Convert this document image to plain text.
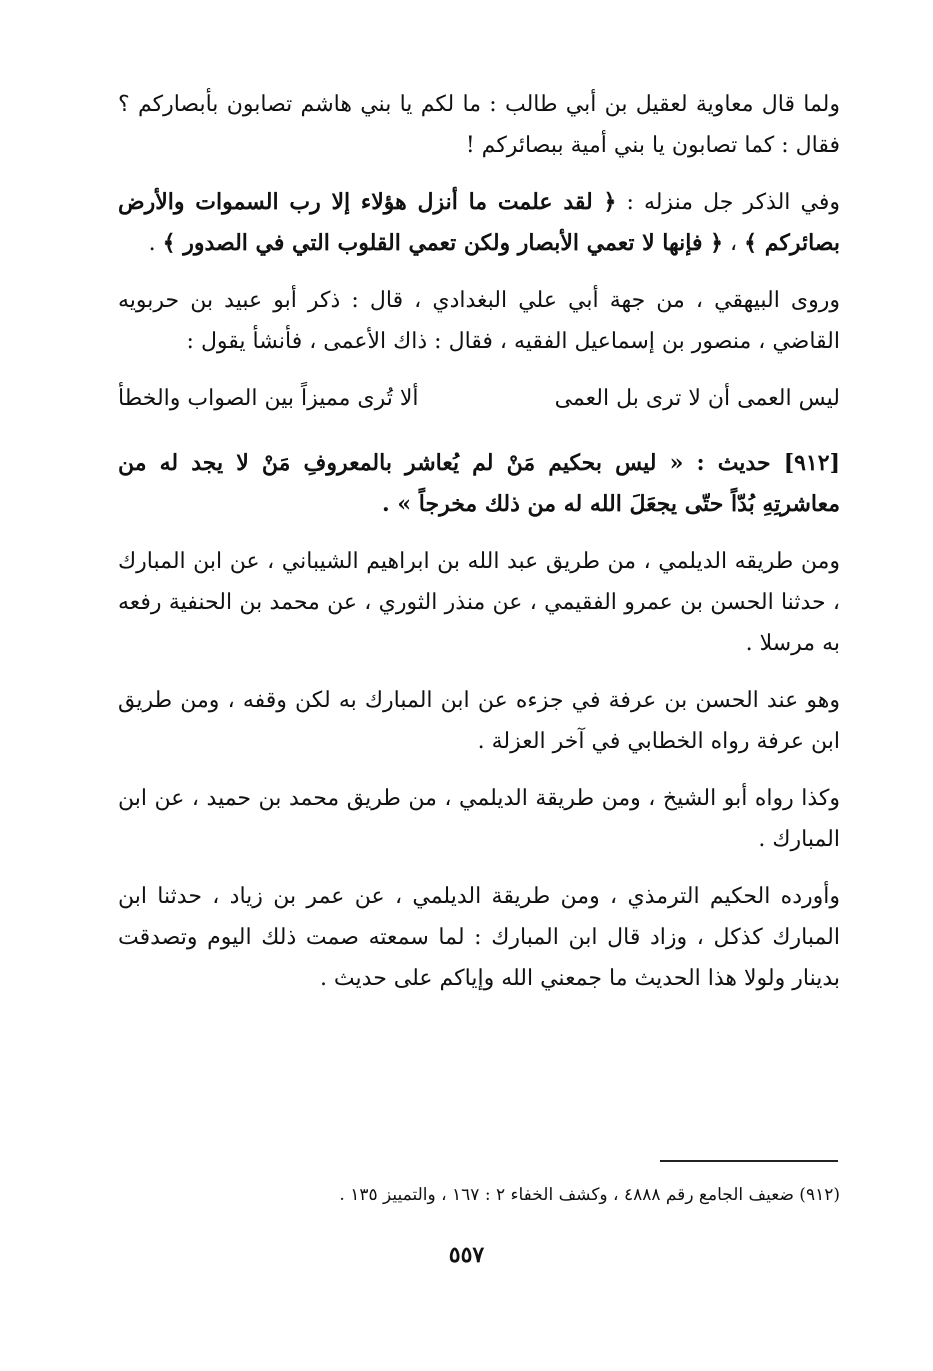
ولما قال معاوية لعقيل بن أبي طالب : ما لكم يا بني هاشم تصابون بأبصاركم ؟ فقال : كما تصابون يا بني أمية ببصائركم !

وفي الذكر جل منزله : ﴿ لقد علمت ما أنزل هؤلاء إلا رب السموات والأرض بصائركم ﴾ ، ﴿ فإنها لا تعمي الأبصار ولكن تعمي القلوب التي في الصدور ﴾ .

وروى البيهقي ، من جهة أبي علي البغدادي ، قال : ذكر أبو عبيد بن حربويه القاضي ، منصور بن إسماعيل الفقيه ، فقال : ذاك الأعمى ، فأنشأ يقول :

ليس العمى أن لا ترى بل العمى
ألا تُرى مميزاً بين الصواب والخطأ

[٩١٢] حديث : « ليس بحكيم مَنْ لم يُعاشر بالمعروفِ مَنْ لا يجد له من معاشرتِهِ بُدّاً حتّى يجعَلَ الله له من ذلك مخرجاً » .

ومن طريقه الديلمي ، من طريق عبد الله بن ابراهيم الشيباني ، عن ابن المبارك ، حدثنا الحسن بن عمرو الفقيمي ، عن منذر الثوري ، عن محمد بن الحنفية رفعه به مرسلا .

وهو عند الحسن بن عرفة في جزءه عن ابن المبارك به لكن وقفه ، ومن طريق ابن عرفة رواه الخطابي في آخر العزلة .

وكذا رواه أبو الشيخ ، ومن طريقة الديلمي ، من طريق محمد بن حميد ، عن ابن المبارك .

وأورده الحكيم الترمذي ، ومن طريقة الديلمي ، عن عمر بن زياد ، حدثنا ابن المبارك كذكل ، وزاد قال ابن المبارك : لما سمعته صمت ذلك اليوم وتصدقت بدينار ولولا هذا الحديث ما جمعني الله وإياكم على حديث .

(٩١٢) ضعيف الجامع رقم ٤٨٨٨ ، وكشف الخفاء ٢ : ١٦٧ ، والتمييز ١٣٥ .
٥٥٧
